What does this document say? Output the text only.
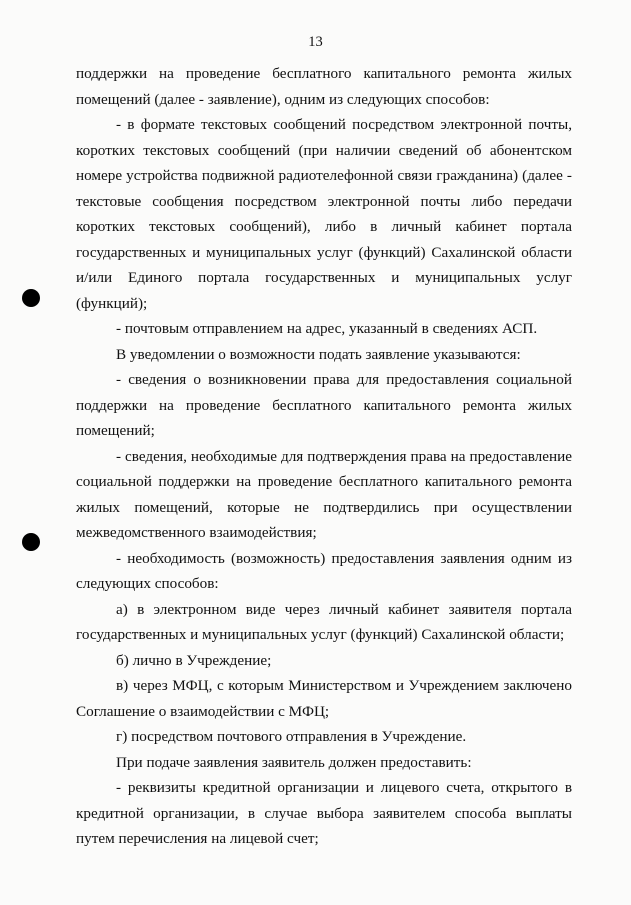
13

поддержки на проведение бесплатного капитального ремонта жилых помещений (далее - заявление), одним из следующих способов:

- в формате текстовых сообщений посредством электронной почты, коротких текстовых сообщений (при наличии сведений об абонентском номере устройства подвижной радиотелефонной связи гражданина) (далее - текстовые сообщения посредством электронной почты либо передачи коротких текстовых сообщений), либо в личный кабинет портала государственных и муниципальных услуг (функций) Сахалинской области и/или Единого портала государственных и муниципальных услуг (функций);

- почтовым отправлением на адрес, указанный в сведениях АСП.

В уведомлении о возможности подать заявление указываются:

- сведения о возникновении права для предоставления социальной поддержки на проведение бесплатного капитального ремонта жилых помещений;

- сведения, необходимые для подтверждения права на предоставление социальной поддержки на проведение бесплатного капитального ремонта жилых помещений, которые не подтвердились при осуществлении межведомственного взаимодействия;

- необходимость (возможность) предоставления заявления одним из следующих способов:

а) в электронном виде через личный кабинет заявителя портала государственных и муниципальных услуг (функций) Сахалинской области;

б) лично в Учреждение;

в) через МФЦ, с которым Министерством и Учреждением заключено Соглашение о взаимодействии с МФЦ;

г) посредством почтового отправления в Учреждение.

При подаче заявления заявитель должен предоставить:

- реквизиты кредитной организации и лицевого счета, открытого в кредитной организации, в случае выбора заявителем способа выплаты путем перечисления на лицевой счет;
